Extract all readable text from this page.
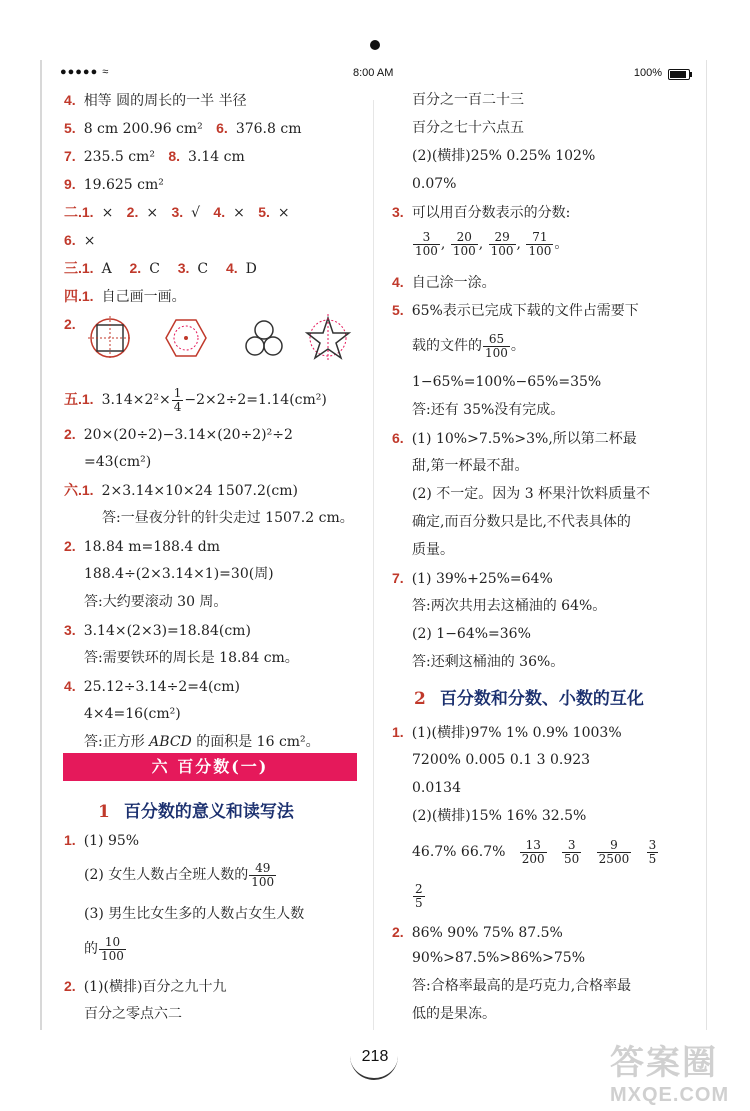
●●●●● ≈	8:00 AM	100%
4. 相等 圆的周长的一半 半径
5. 8 cm 200.96 cm² 6. 376.8 cm
7. 235.5 cm² 8. 3.14 cm
9. 19.625 cm²
二.1. × 2. × 3. √ 4. × 5. ×
6. ×
三.1. A 2. C 3. C 4. D
四.1. 自己画一画。
2.
五.1. $3.14\times 2^2\times \frac{1}{4} -2\times 2\div 2=1.14(cm^2)$
2. 20×(20÷2)−3.14×(20÷2)²÷2
=43(cm²)
六.1. 2×3.14×10×24 1507.2(cm)
答:一昼夜分针的针尖走过 1507.2 cm。
2. 18.84 m=188.4 dm
188.4÷(2×3.14×1)=30(周)
答:大约要滚动 30 周。
3. 3.14×(2×3)=18.84(cm)
答:需要铁环的周长是 18.84 cm。
4. 25.12÷3.14÷2=4(cm)
4×4=16(cm²)
答:正方形 ABCD 的面积是 16 cm²。
六 百分数(一)
1 百分数的意义和读写法
1. (1) 95%
(2) 女生人数占全班人数的 $\frac{49}{100}$
(3) 男生比女生多的人数占女生人数
的 $\frac{10}{100}$
2. (1)(横排)百分之九十九
百分之零点六二
百分之一百二十三
百分之七十六点五
(2)(横排)25% 0.25% 102%
0.07%
3. 可以用百分数表示的分数:
$\frac{3}{100}$ , $\frac{20}{100}$ , $\frac{29}{100}$ , $\frac{71}{100}$ 。
4. 自己涂一涂。
5. 65%表示已完成下载的文件占需要下
载的文件的 $\frac{65}{100}$ 。
1−65%=100%−65%=35%
答:还有 35%没有完成。
6. (1) 10%>7.5%>3%,所以第二杯最
甜,第一杯最不甜。
(2) 不一定。因为 3 杯果汁饮料质量不
确定,而百分数只是比,不代表具体的
质量。
7. (1) 39%+25%=64%
答:两次共用去这桶油的 64%。
(2) 1−64%=36%
答:还剩这桶油的 36%。
2 百分数和分数、小数的互化
1. (1)(横排)97% 1% 0.9% 1003%
7200% 0.005 0.1 3 0.923
0.0134
(2)(横排)15% 16% 32.5%
46.7% $66.7\% \frac{13}{200}$
$\frac{3}{50}$
$\frac{9}{2500}$
$\frac{3}{5}$
$\frac{2}{5}$
2. 86% 90% 75% 87.5%
90%>87.5%>86%>75%
答:合格率最高的是巧克力,合格率最
低的是果冻。
218	答案圈
MXQE.COM
